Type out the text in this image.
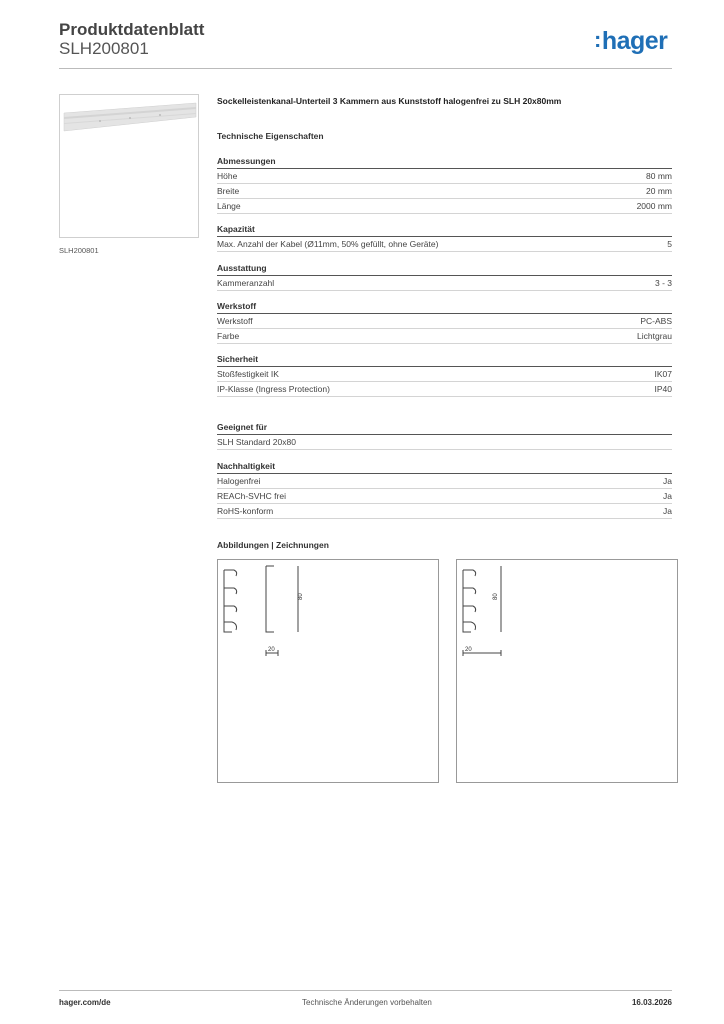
Produktdatenblatt
SLH200801	:hager
SLH200801
Sockelleistenkanal-Unterteil 3 Kammern aus Kunststoff halogenfrei zu SLH 20x80mm
Technische Eigenschaften
Abmessungen
Höhe	80 mm
Breite	20 mm
Länge	2000 mm
Kapazität
Max. Anzahl der Kabel (Ø11mm, 50% gefüllt, ohne Geräte)	5
Ausstattung
Kammeranzahl	3 - 3
Werkstoff
Werkstoff	PC-ABS
Farbe	Lichtgrau
Sicherheit
Stoßfestigkeit IK	IK07
IP-Klasse (Ingress Protection)	IP40
Geeignet für
SLH Standard 20x80
Nachhaltigkeit
Halogenfrei	Ja
REACh-SVHC frei	Ja
RoHS-konform	Ja
Abbildungen | Zeichnungen
80
20
80
20
hager.com/de	Technische Änderungen vorbehalten	16.03.2026
